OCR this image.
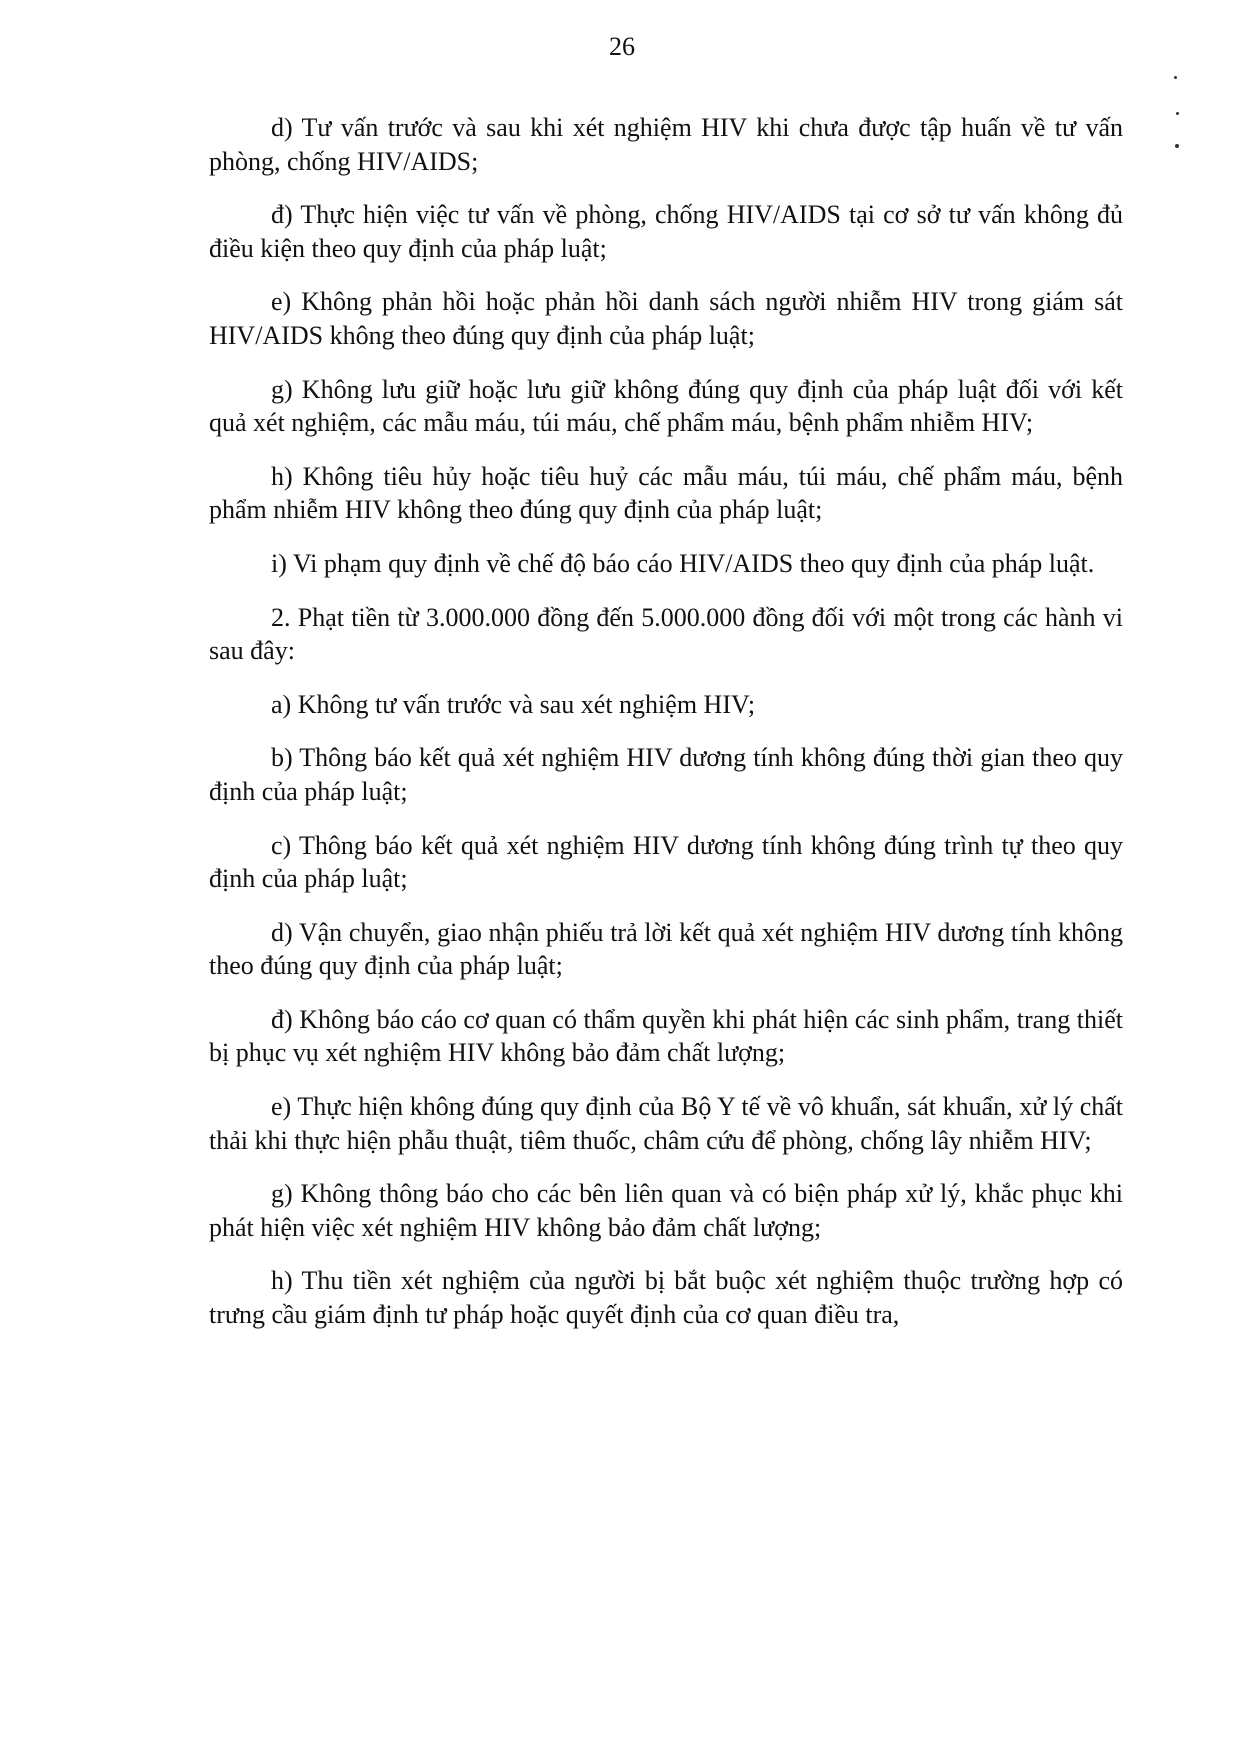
26

d) Tư vấn trước và sau khi xét nghiệm HIV khi chưa được tập huấn về tư vấn phòng, chống HIV/AIDS;

đ) Thực hiện việc tư vấn về phòng, chống HIV/AIDS tại cơ sở tư vấn không đủ điều kiện theo quy định của pháp luật;

e) Không phản hồi hoặc phản hồi danh sách người nhiễm HIV trong giám sát HIV/AIDS không theo đúng quy định của pháp luật;

g) Không lưu giữ hoặc lưu giữ không đúng quy định của pháp luật đối với kết quả xét nghiệm, các mẫu máu, túi máu, chế phẩm máu, bệnh phẩm nhiễm HIV;

h) Không tiêu hủy hoặc tiêu huỷ các mẫu máu, túi máu, chế phẩm máu, bệnh phẩm nhiễm HIV không theo đúng quy định của pháp luật;

i) Vi phạm quy định về chế độ báo cáo HIV/AIDS theo quy định của pháp luật.

2. Phạt tiền từ 3.000.000 đồng đến 5.000.000 đồng đối với một trong các hành vi sau đây:

a) Không tư vấn trước và sau xét nghiệm HIV;

b) Thông báo kết quả xét nghiệm HIV dương tính không đúng thời gian theo quy định của pháp luật;

c) Thông báo kết quả xét nghiệm HIV dương tính không đúng trình tự theo quy định của pháp luật;

d) Vận chuyển, giao nhận phiếu trả lời kết quả xét nghiệm HIV dương tính không theo đúng quy định của pháp luật;

đ) Không báo cáo cơ quan có thẩm quyền khi phát hiện các sinh phẩm, trang thiết bị phục vụ xét nghiệm HIV không bảo đảm chất lượng;

e) Thực hiện không đúng quy định của Bộ Y tế về vô khuẩn, sát khuẩn, xử lý chất thải khi thực hiện phẫu thuật, tiêm thuốc, châm cứu để phòng, chống lây nhiễm HIV;

g) Không thông báo cho các bên liên quan và có biện pháp xử lý, khắc phục khi phát hiện việc xét nghiệm HIV không bảo đảm chất lượng;

h) Thu tiền xét nghiệm của người bị bắt buộc xét nghiệm thuộc trường hợp có trưng cầu giám định tư pháp hoặc quyết định của cơ quan điều tra,
